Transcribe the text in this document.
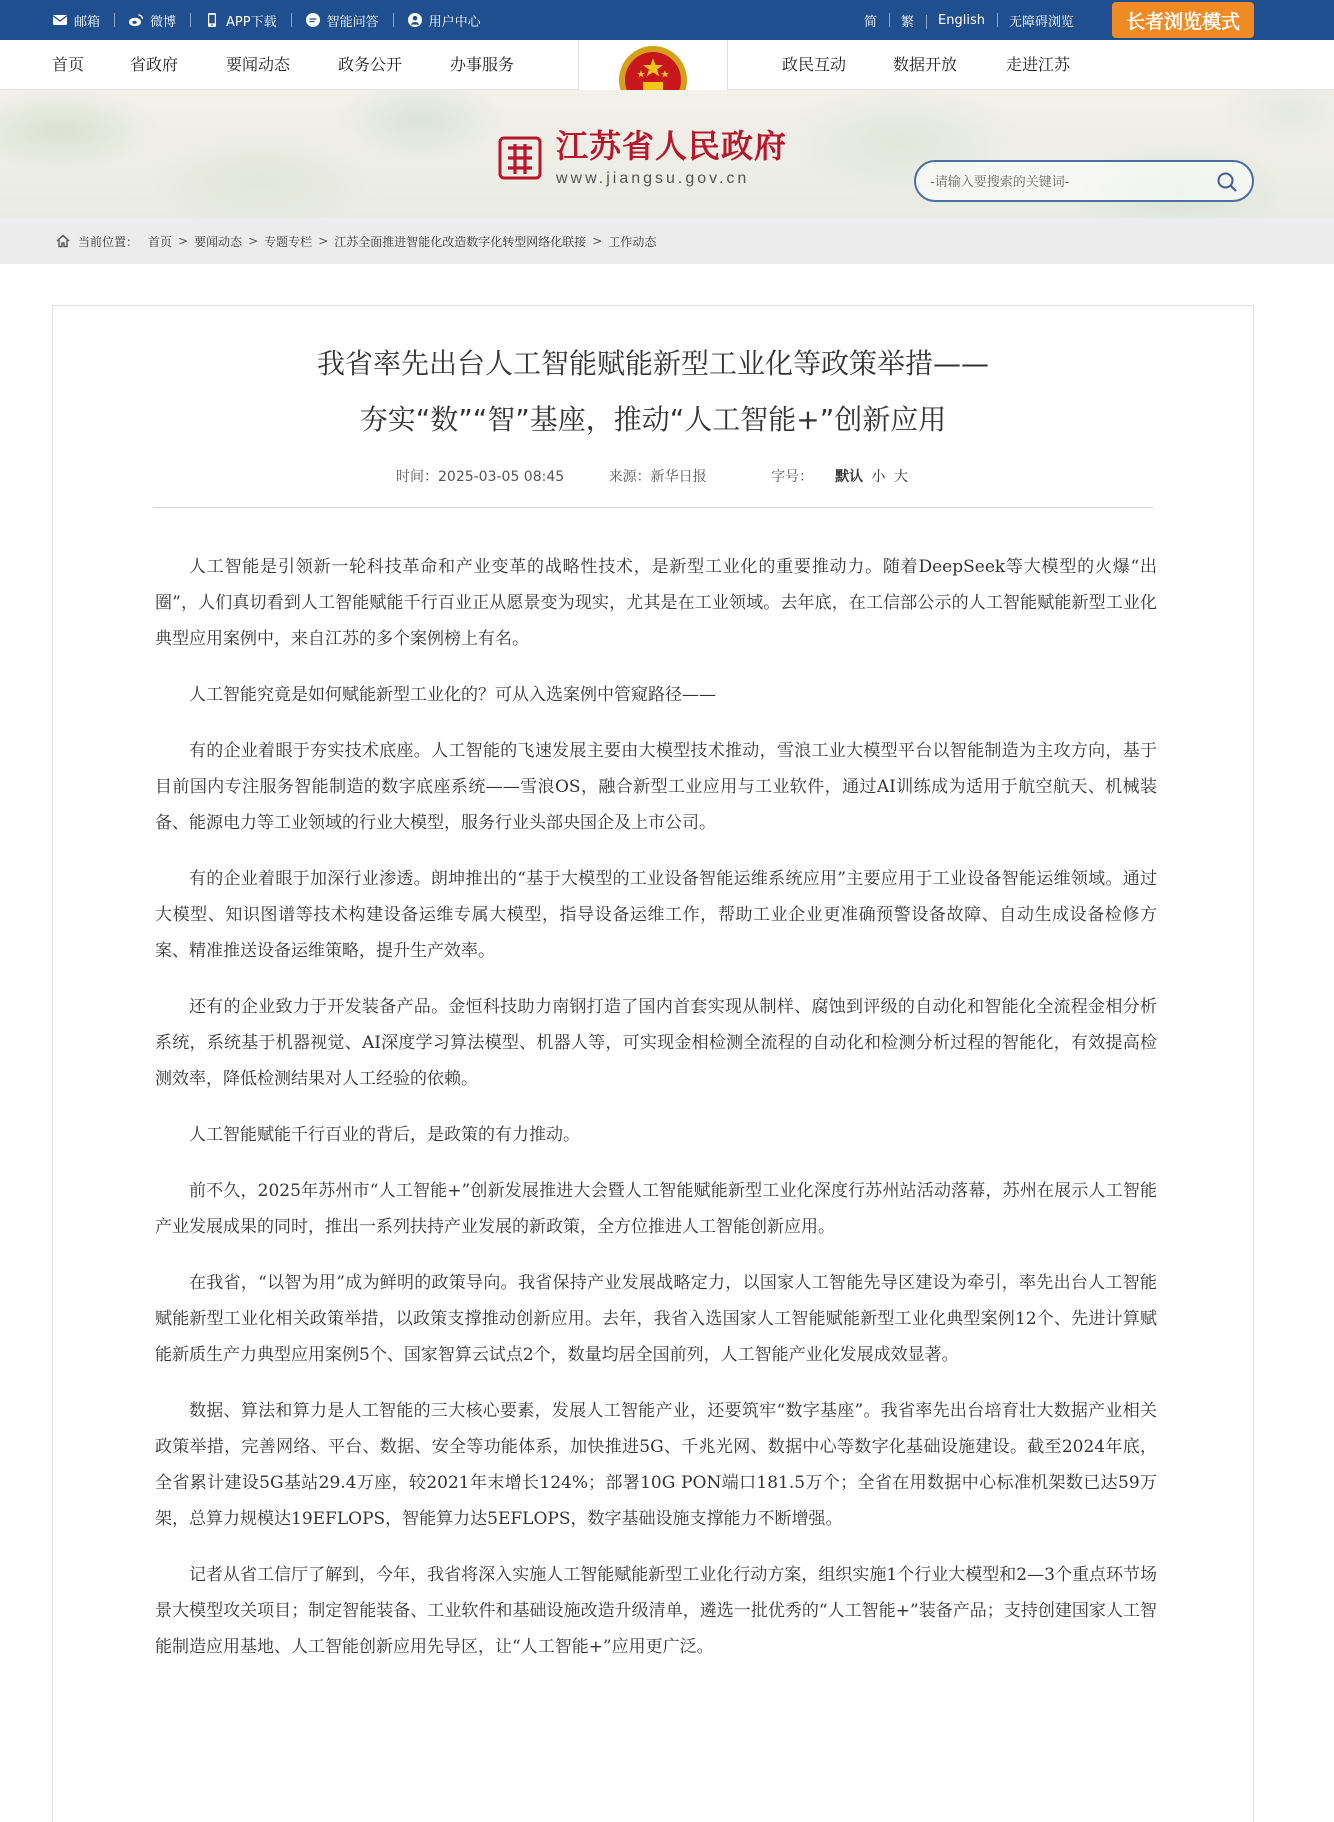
邮箱	微博	APP下载	智能问答	用户中心	简	繁	English	无障碍浏览	长者浏览模式
首页	省政府	要闻动态	政务公开	办事服务	政民互动	数据开放	走进江苏
江苏省人民政府
www.jiangsu.gov.cn
-请输入要搜索的关键词-
当前位置： 首页 > 要闻动态 > 专题专栏 > 江苏全面推进智能化改造数字化转型网络化联接 > 工作动态
我省率先出台人工智能赋能新型工业化等政策举措——
夯实“数”“智”基座，推动“人工智能+”创新应用
时间：2025-03-05 08:45	来源：新华日报	字号： 默认 小 大

人工智能是引领新一轮科技革命和产业变革的战略性技术，是新型工业化的重要推动力。随着DeepSeek等大模型的火爆“出圈”，人们真切看到人工智能赋能千行百业正从愿景变为现实，尤其是在工业领域。去年底，在工信部公示的人工智能赋能新型工业化典型应用案例中，来自江苏的多个案例榜上有名。

人工智能究竟是如何赋能新型工业化的？可从入选案例中管窥路径——

有的企业着眼于夯实技术底座。人工智能的飞速发展主要由大模型技术推动，雪浪工业大模型平台以智能制造为主攻方向，基于目前国内专注服务智能制造的数字底座系统——雪浪OS，融合新型工业应用与工业软件，通过AI训练成为适用于航空航天、机械装备、能源电力等工业领域的行业大模型，服务行业头部央国企及上市公司。

有的企业着眼于加深行业渗透。朗坤推出的“基于大模型的工业设备智能运维系统应用”主要应用于工业设备智能运维领域。通过大模型、知识图谱等技术构建设备运维专属大模型，指导设备运维工作，帮助工业企业更准确预警设备故障、自动生成设备检修方案、精准推送设备运维策略，提升生产效率。

还有的企业致力于开发装备产品。金恒科技助力南钢打造了国内首套实现从制样、腐蚀到评级的自动化和智能化全流程金相分析系统，系统基于机器视觉、AI深度学习算法模型、机器人等，可实现金相检测全流程的自动化和检测分析过程的智能化，有效提高检测效率，降低检测结果对人工经验的依赖。

人工智能赋能千行百业的背后，是政策的有力推动。

前不久，2025年苏州市“人工智能+”创新发展推进大会暨人工智能赋能新型工业化深度行苏州站活动落幕，苏州在展示人工智能产业发展成果的同时，推出一系列扶持产业发展的新政策，全方位推进人工智能创新应用。

在我省，“以智为用”成为鲜明的政策导向。我省保持产业发展战略定力，以国家人工智能先导区建设为牵引，率先出台人工智能赋能新型工业化相关政策举措，以政策支撑推动创新应用。去年，我省入选国家人工智能赋能新型工业化典型案例12个、先进计算赋能新质生产力典型应用案例5个、国家智算云试点2个，数量均居全国前列，人工智能产业化发展成效显著。

数据、算法和算力是人工智能的三大核心要素，发展人工智能产业，还要筑牢“数字基座”。我省率先出台培育壮大数据产业相关政策举措，完善网络、平台、数据、安全等功能体系，加快推进5G、千兆光网、数据中心等数字化基础设施建设。截至2024年底，全省累计建设5G基站29.4万座，较2021年末增长124%；部署10G PON端口181.5万个；全省在用数据中心标准机架数已达59万架，总算力规模达19EFLOPS，智能算力达5EFLOPS，数字基础设施支撑能力不断增强。

记者从省工信厅了解到，今年，我省将深入实施人工智能赋能新型工业化行动方案，组织实施1个行业大模型和2—3个重点环节场景大模型攻关项目；制定智能装备、工业软件和基础设施改造升级清单，遴选一批优秀的“人工智能+”装备产品；支持创建国家人工智能制造应用基地、人工智能创新应用先导区，让“人工智能+”应用更广泛。
